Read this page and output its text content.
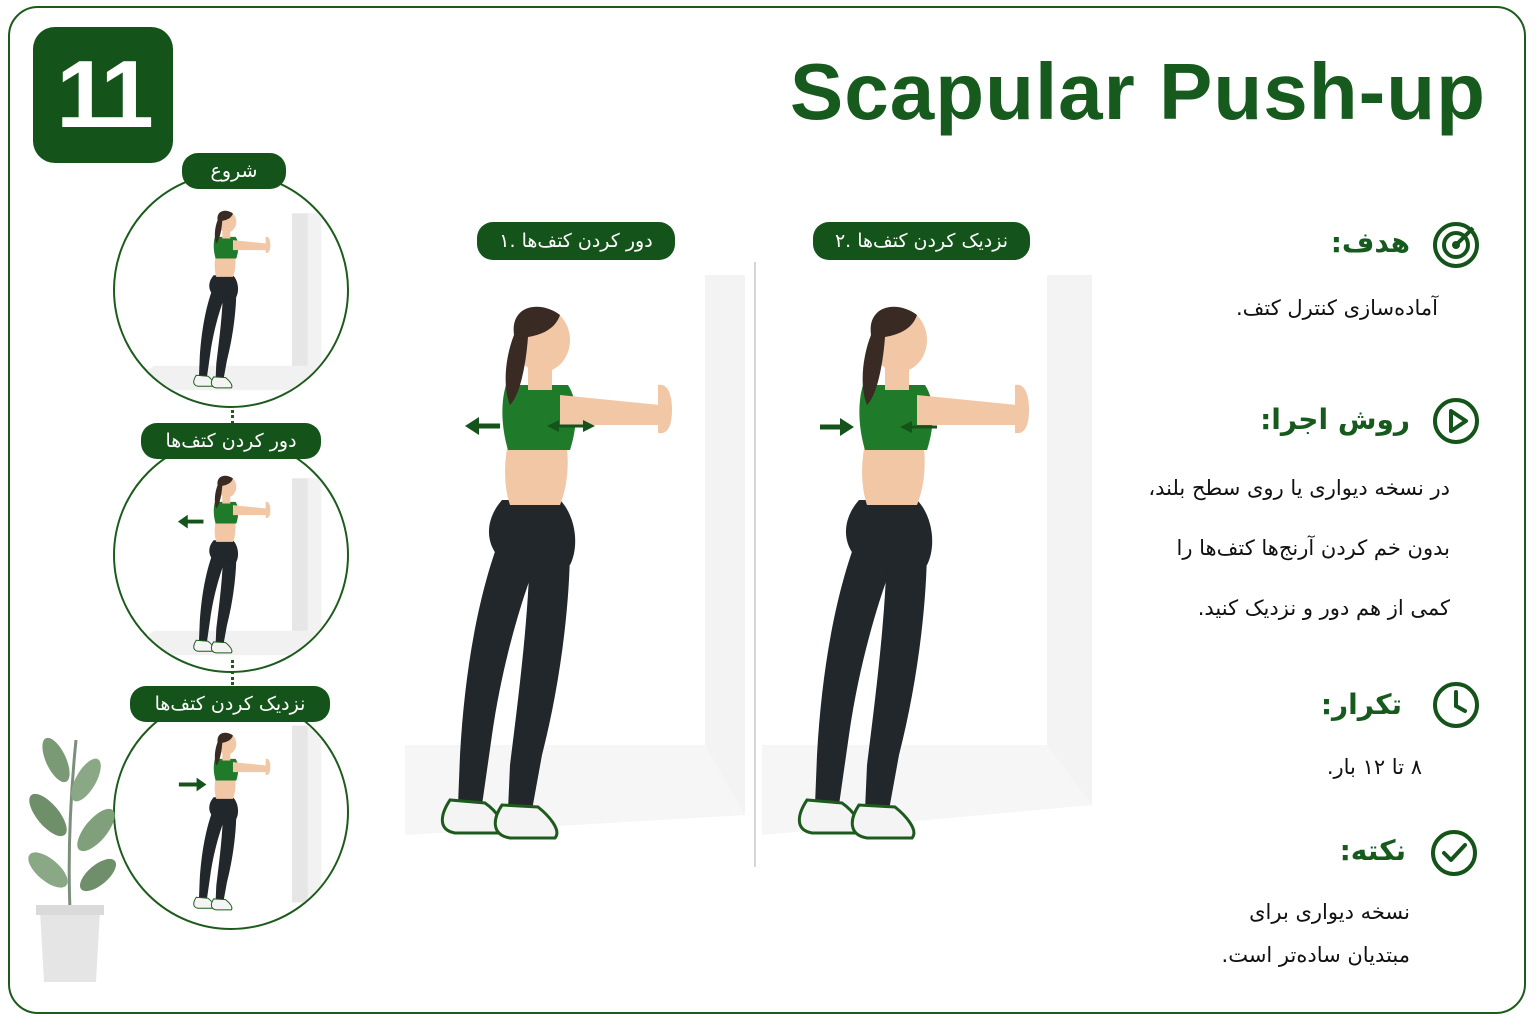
11	Scapular Push-up
شروع
دور کردن کتف‌ها
نزدیک کردن کتف‌ها
۱. دور کردن کتف‌ها	۲. نزدیک کردن کتف‌ها	هدف:
آماده‌سازی کنترل کتف.
روش اجرا:
در نسخه دیواری یا روی سطح بلند،
بدون خم کردن آرنج‌ها کتف‌ها را
کمی از هم دور و نزدیک کنید.
تکرار:
۸ تا ۱۲ بار.
نکته:
نسخه دیواری برای
مبتدیان ساده‌تر است.
